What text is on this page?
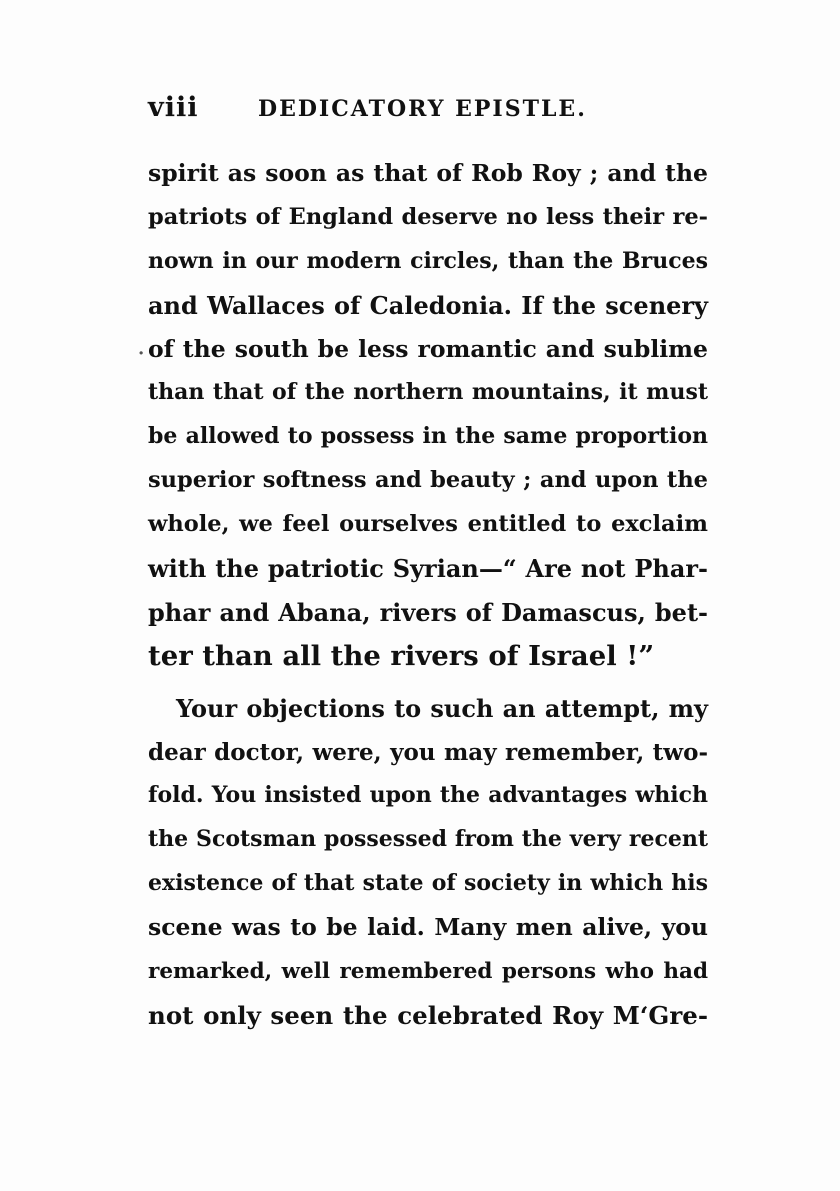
viii	DEDICATORY EPISTLE.
·
spirit as soon as that of Rob Roy ; and the
patriots of England deserve no less their re-
nown in our modern circles, than the Bruces
and Wallaces of Caledonia. If the scenery
of the south be less romantic and sublime
than that of the northern mountains, it must
be allowed to possess in the same proportion
superior softness and beauty ; and upon the
whole, we feel ourselves entitled to exclaim
with the patriotic Syrian—“ Are not Phar-
phar and Abana, rivers of Damascus, bet-
ter than all the rivers of Israel !”
Your objections to such an attempt, my
dear doctor, were, you may remember, two-
fold. You insisted upon the advantages which
the Scotsman possessed from the very recent
existence of that state of society in which his
scene was to be laid. Many men alive, you
remarked, well remembered persons who had
not only seen the celebrated Roy M‘Gre-
